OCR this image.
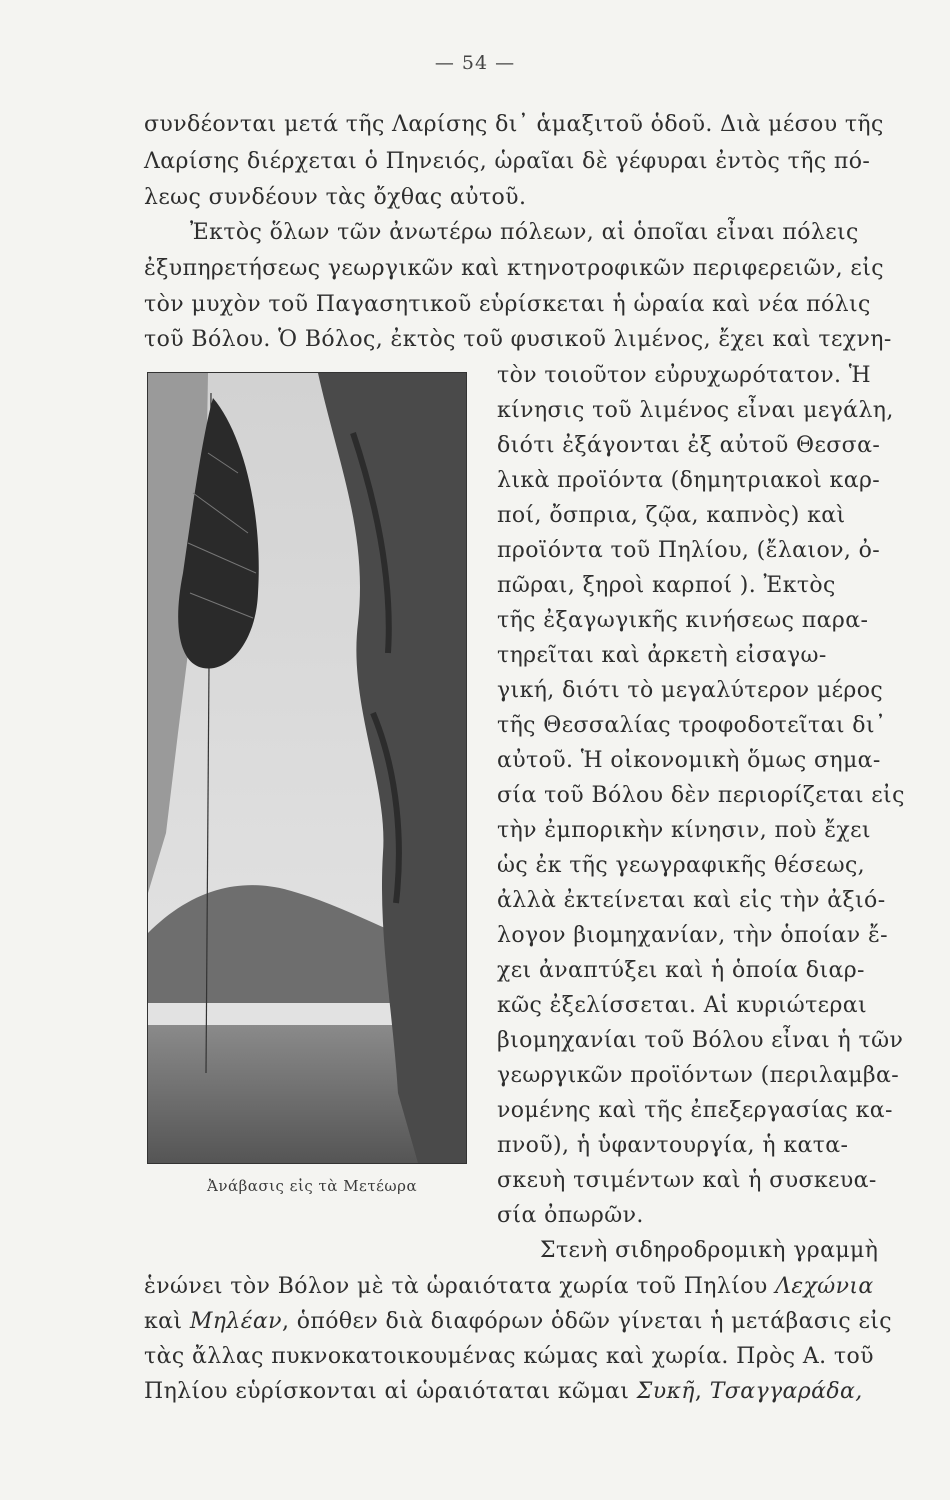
— 54 —
συνδέονται μετά τῆς Λαρίσης δι᾽ ἁμαξιτοῦ ὁδοῦ. Διὰ μέσου τῆς
Λαρίσης διέρχεται ὁ Πηνειός, ὡραῖαι δὲ γέφυραι ἐντὸς τῆς πό-
λεως συνδέουν τὰς ὄχθας αὐτοῦ.
Ἐκτὸς ὅλων τῶν ἀνωτέρω πόλεων, αἱ ὁποῖαι εἶναι πόλεις
ἐξυπηρετήσεως γεωργικῶν καὶ κτηνοτροφικῶν περιφερειῶν, εἰς
τὸν μυχὸν τοῦ Παγασητικοῦ εὑρίσκεται ἡ ὡραία καὶ νέα πόλις
τοῦ Βόλου. Ὁ Βόλος, ἐκτὸς τοῦ φυσικοῦ λιμένος, ἔχει καὶ τεχνη-
Ἀνάβασις εἰς τὰ Μετέωρα
τὸν τοιοῦτον εὐρυχωρότατον. Ἡ
κίνησις τοῦ λιμένος εἶναι μεγάλη,
διότι ἐξάγονται ἐξ αὐτοῦ Θεσσα-
λικὰ προϊόντα (δημητριακοὶ καρ-
ποί, ὄσπρια, ζῷα, καπνὸς) καὶ
προϊόντα τοῦ Πηλίου, (ἔλαιον, ὀ-
πῶραι, ξηροὶ καρποί ). Ἐκτὸς
τῆς ἐξαγωγικῆς κινήσεως παρα-
τηρεῖται καὶ ἀρκετὴ εἰσαγω-
γική, διότι τὸ μεγαλύτερον μέρος
τῆς Θεσσαλίας τροφοδοτεῖται δι᾽
αὐτοῦ. Ἡ οἰκονομικὴ ὅμως σημα-
σία τοῦ Βόλου δὲν περιορίζεται εἰς
τὴν ἐμπορικὴν κίνησιν, ποὺ ἔχει
ὡς ἐκ τῆς γεωγραφικῆς θέσεως,
ἀλλὰ ἐκτείνεται καὶ εἰς τὴν ἀξιό-
λογον βιομηχανίαν, τὴν ὁποίαν ἔ-
χει ἀναπτύξει καὶ ἡ ὁποία διαρ-
κῶς ἐξελίσσεται. Αἱ κυριώτεραι
βιομηχανίαι τοῦ Βόλου εἶναι ἡ τῶν
γεωργικῶν προϊόντων (περιλαμβα-
νομένης καὶ τῆς ἐπεξεργασίας κα-
πνοῦ), ἡ ὑφαντουργία, ἡ κατα-
σκευὴ τσιμέντων καὶ ἡ συσκευα-
σία ὀπωρῶν.
Στενὴ σιδηροδρομικὴ γραμμὴ
ἑνώνει τὸν Βόλον μὲ τὰ ὡραιότατα χωρία τοῦ Πηλίου Λεχώνια
καὶ Μηλέαν, ὁπόθεν διὰ διαφόρων ὁδῶν γίνεται ἡ μετάβασις εἰς
τὰς ἄλλας πυκνοκατοικουμένας κώμας καὶ χωρία. Πρὸς Α. τοῦ
Πηλίου εὑρίσκονται αἱ ὡραιόταται κῶμαι Συκῆ, Τσαγγαράδα,
